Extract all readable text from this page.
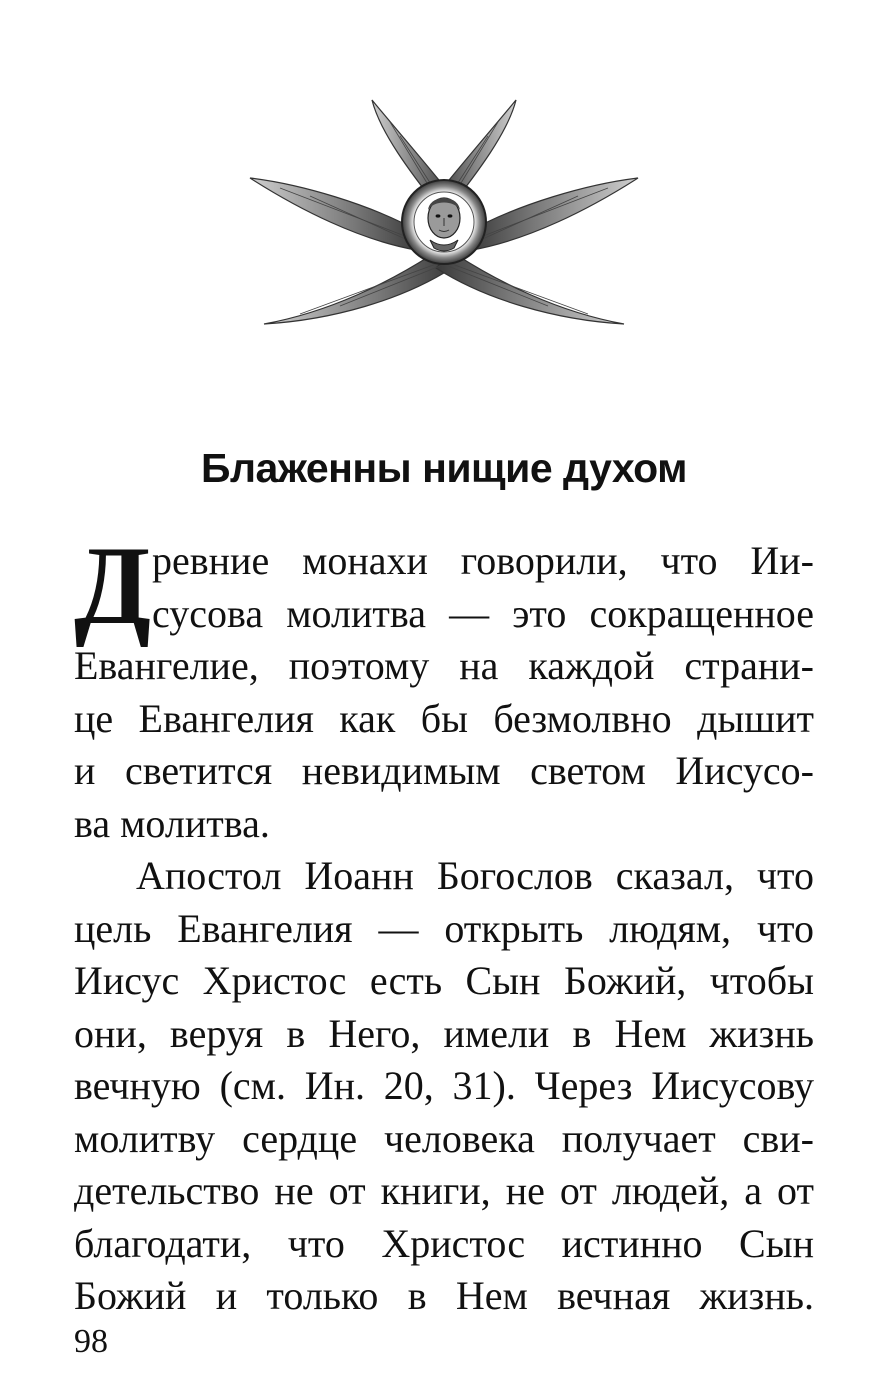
Блаженны нищие духом
Д ревние монахи говорили, что Ии-
сусова молитва — это сокращенное
Евангелие, поэтому на каждой страни-
це Евангелия как бы безмолвно дышит
и светится невидимым светом Иисусо-
ва молитва.
Апостол Иоанн Богослов сказал, что
цель Евангелия — открыть людям, что
Иисус Христос есть Сын Божий, чтобы
они, веруя в Него, имели в Нем жизнь
вечную (см. Ин. 20, 31). Через Иисусову
молитву сердце человека получает сви-
детельство не от книги, не от людей, а от
благодати, что Христос истинно Сын
Божий и только в Нем вечная жизнь.
98
